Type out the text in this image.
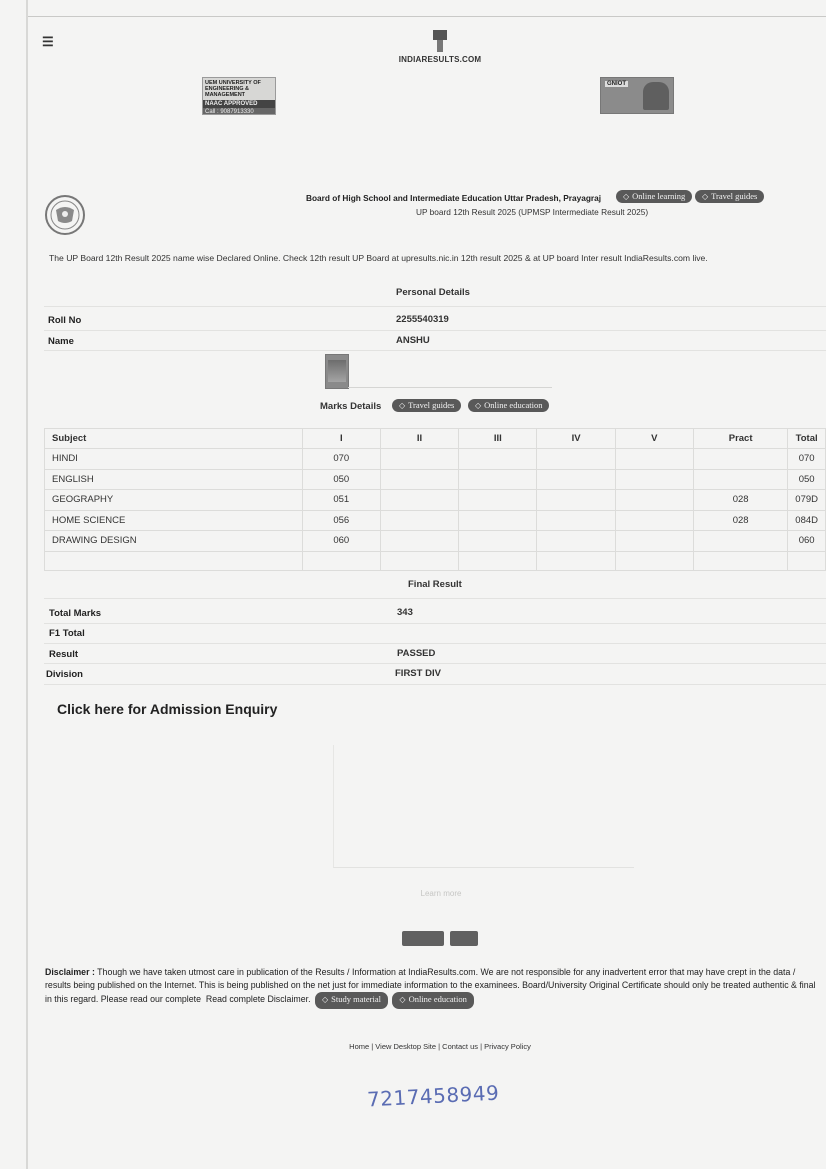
☰
INDIARESULTS.COM
UEM UNIVERSITY OF ENGINEERING & MANAGEMENT
NAAC APPROVED
Call : 9087913330
GNIOT
Board of High School and Intermediate Education Uttar Pradesh, Prayagraj	◇ Online learning	◇ Travel guides
UP board 12th Result 2025 (UPMSP Intermediate Result 2025)
The UP Board 12th Result 2025 name wise Declared Online. Check 12th result UP Board at upresults.nic.in 12th result 2025 & at UP board Inter result IndiaResults.com live.
Personal Details
Roll No	2255540319
Name	ANSHU
Marks Details	◇ Travel guides	◇ Online education
Subject	I	II	III	IV	V	Pract	Total
HINDI	070						070
ENGLISH	050						050
GEOGRAPHY	051					028	079D
HOME SCIENCE	056					028	084D
DRAWING DESIGN	060						060

Final Result
Total Marks	343
F1 Total
Result	PASSED
Division	FIRST DIV
Click here for Admission Enquiry
Learn more
Disclaimer : Though we have taken utmost care in publication of the Results / Information at IndiaResults.com. We are not responsible for any inadvertent error that may have crept in the data / results being published on the Internet. This is being published on the net just for immediate information to the examinees. Board/University Original Certificate should only be treated authentic & final in this regard. Please read our complete Read complete Disclaimer. ◇ Study material ◇ Online education
Home | View Desktop Site | Contact us | Privacy Policy
7217458949
